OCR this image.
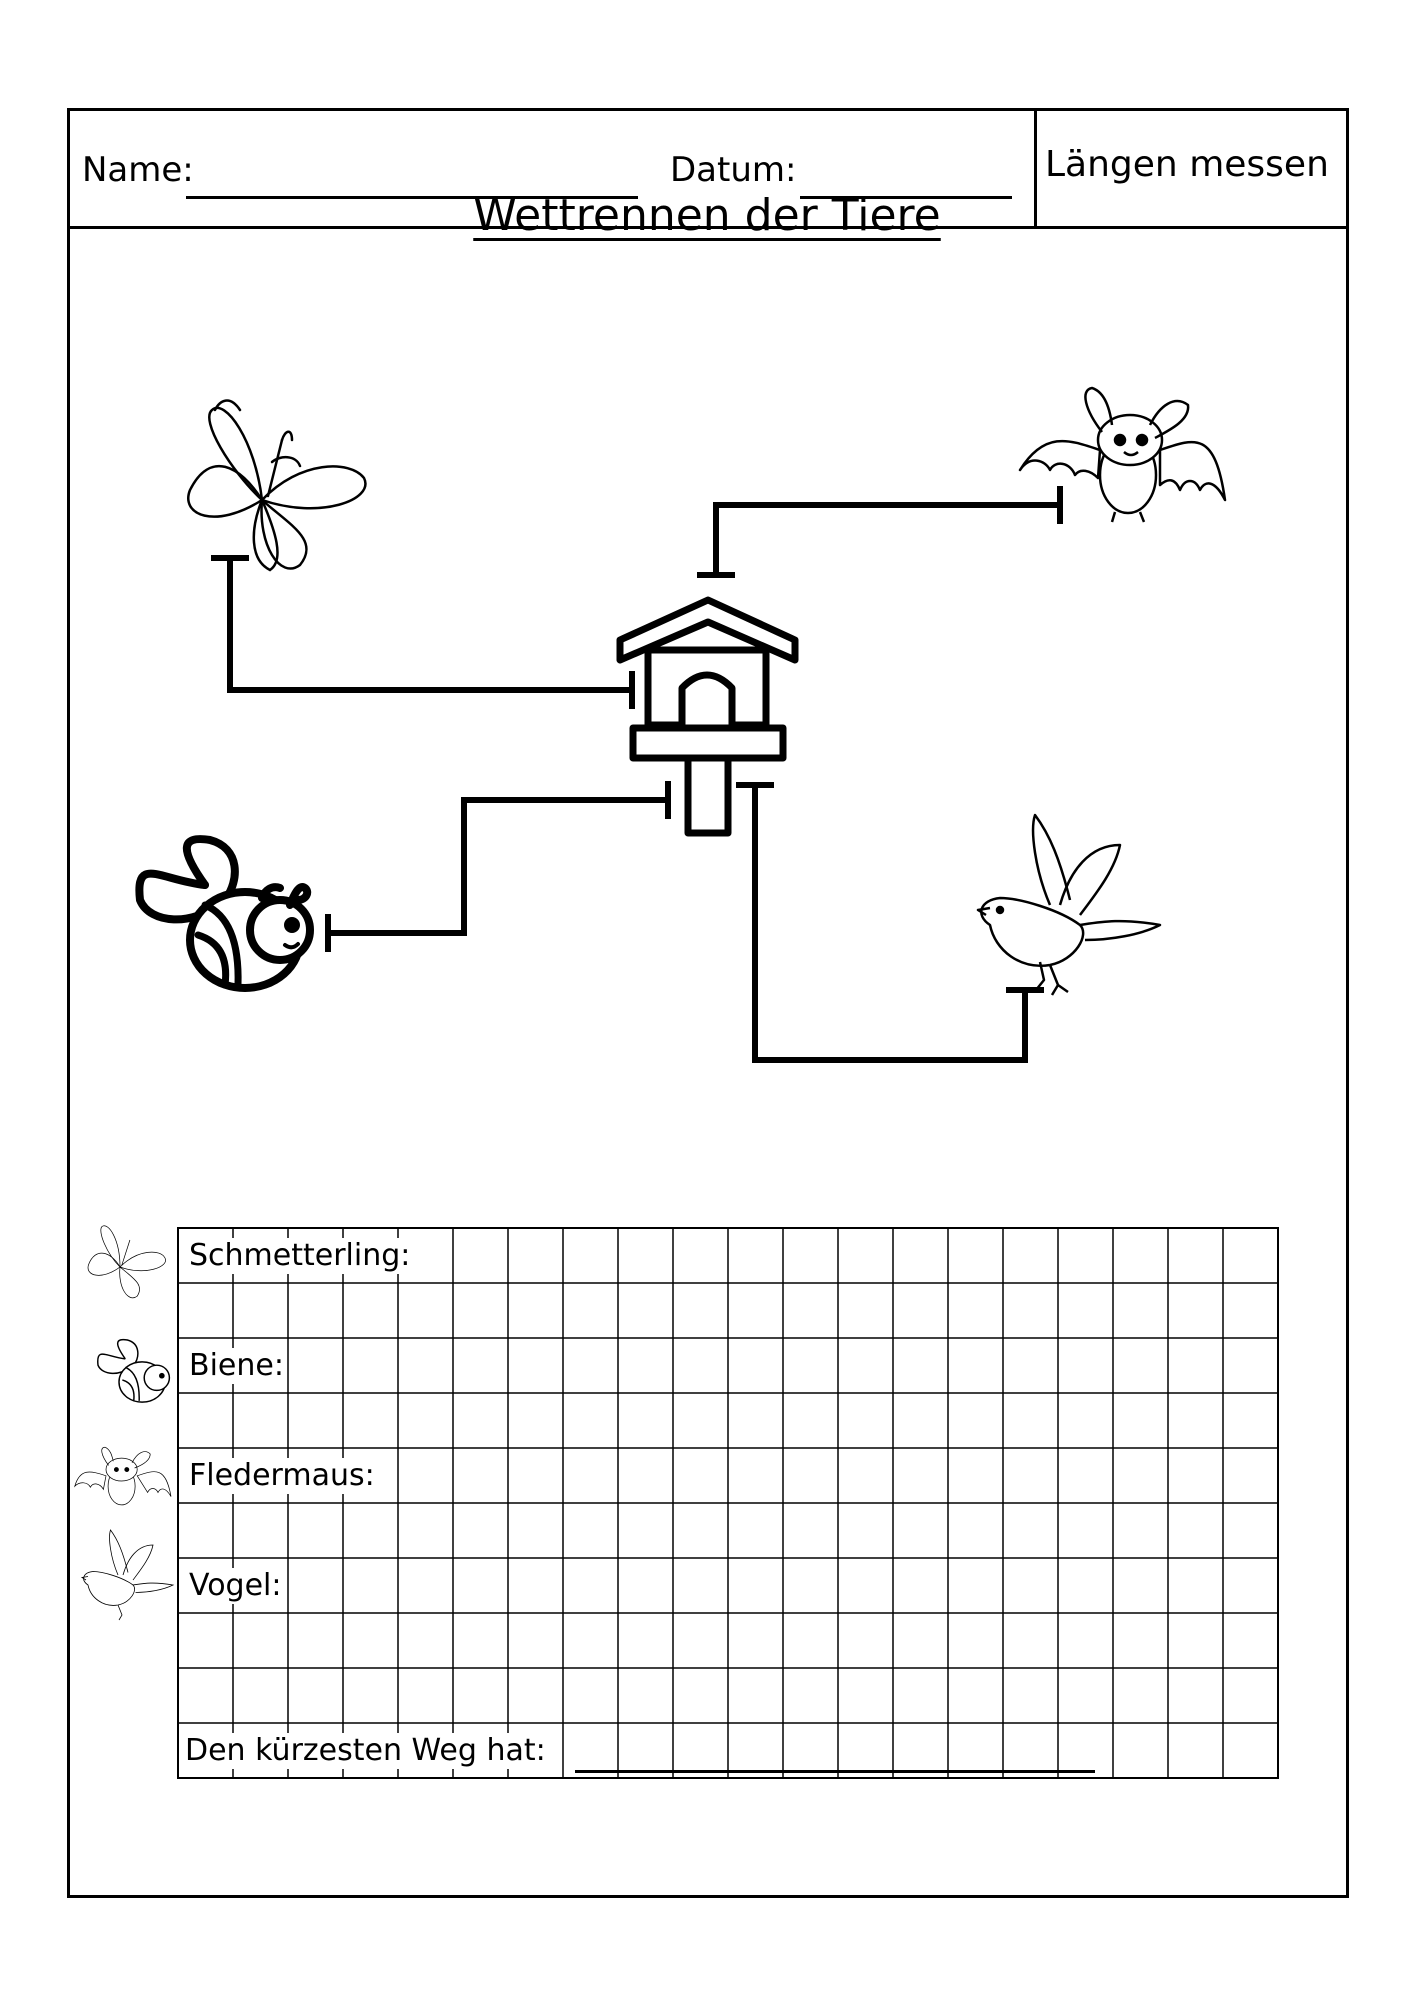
Name:	Datum:	Längen messen
Wettrennen der Tiere
Schmetterling:
Biene:
Fledermaus:
Vogel:
Den kürzesten Weg hat:
